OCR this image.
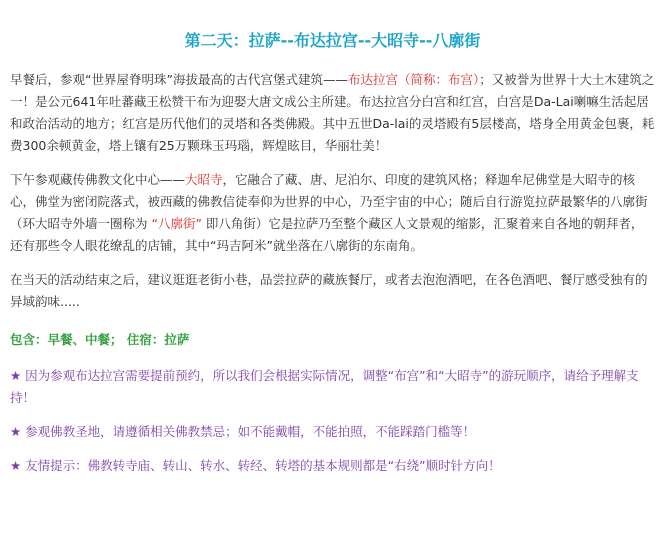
第二天：拉萨--布达拉宫--大昭寺--八廓街

早餐后，参观“世界屋脊明珠”海拔最高的古代宫堡式建筑——布达拉宫（简称：布宫）；又被誉为世界十大土木建筑之一！是公元641年吐蕃藏王松赞干布为迎娶大唐文成公主所建。布达拉宫分白宫和红宫，白宫是Da-Lai喇嘛生活起居和政治活动的地方；红宫是历代他们的灵塔和各类佛殿。其中五世Da-lai的灵塔殿有5层楼高，塔身全用黄金包裹，耗费300余顿黄金，塔上镶有25万颗珠玉玛瑙，辉煌眩目，华丽壮美！

下午参观藏传佛教文化中心——大昭寺，它融合了藏、唐、尼泊尔、印度的建筑风格；释迦牟尼佛堂是大昭寺的核心，佛堂为密闭院落式，被西藏的佛教信徒奉仰为世界的中心，乃至宇宙的中心；随后自行游览拉萨最繁华的八廓街（环大昭寺外墙一圈称为 “八廓街” 即八角街）它是拉萨乃至整个藏区人文景观的缩影，汇聚着来自各地的朝拜者，还有那些令人眼花缭乱的店铺，其中“玛吉阿米”就坐落在八廓街的东南角。

在当天的活动结束之后，建议逛逛老街小巷，品尝拉萨的藏族餐厅，或者去泡泡酒吧，在各色酒吧、餐厅感受独有的异域韵味.....

包含：早餐、中餐； 住宿：拉萨

★ 因为参观布达拉宫需要提前预约，所以我们会根据实际情况，调整“布宫”和“大昭寺”的游玩顺序，请给予理解支持！

★ 参观佛教圣地，请遵循相关佛教禁忌；如不能戴帽，不能拍照，不能踩踏门槛等！

★ 友情提示：佛教转寺庙、转山、转水、转经、转塔的基本规则都是“右绕”顺时针方向！
